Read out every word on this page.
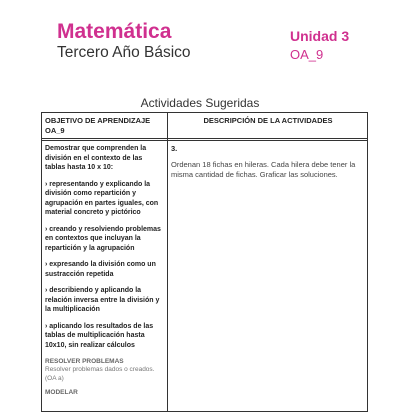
Matemática
Tercero Año Básico
Unidad 3
OA_9
Actividades Sugeridas
OBJETIVO DE APRENDIZAJE OA_9
DESCRIPCIÓN DE LA ACTIVIDADES

Demostrar que comprenden la división en el contexto de las tablas hasta 10 x 10:

› representando y explicando la división como repartición y agrupación en partes iguales, con material concreto y pictórico

› creando y resolviendo problemas en contextos que incluyan la repartición y la agrupación

› expresando la división como un sustracción repetida

› describiendo y aplicando la relación inversa entre la división y la multiplicación

› aplicando los resultados de las tablas de multiplicación hasta 10x10, sin realizar cálculos

RESOLVER PROBLEMAS
Resolver problemas dados o creados. (OA a)
MODELAR
3.
Ordenan 18 fichas en hileras. Cada hilera debe tener la misma cantidad de fichas. Graficar las soluciones.
